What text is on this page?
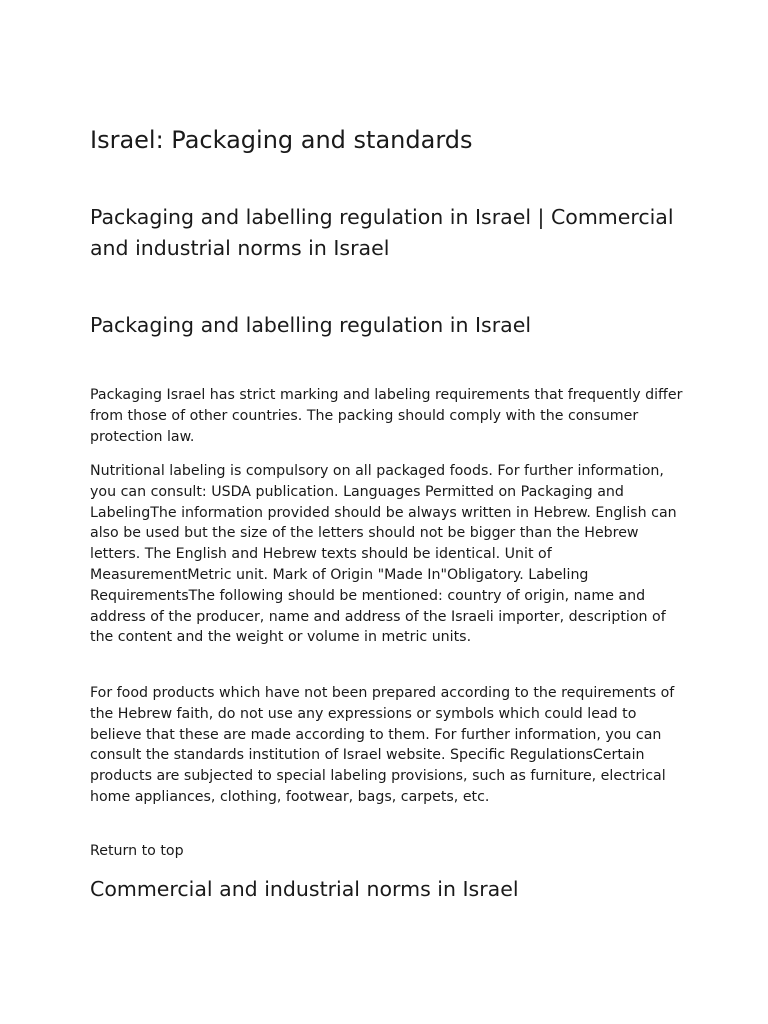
Israel: Packaging and standards
Packaging and labelling regulation in Israel | Commercial and industrial norms in Israel
Packaging and labelling regulation in Israel

Packaging Israel has strict marking and labeling requirements that frequently differ from those of other countries. The packing should comply with the consumer protection law.

Nutritional labeling is compulsory on all packaged foods. For further information, you can consult: USDA publication. Languages Permitted on Packaging and LabelingThe information provided should be always written in Hebrew. English can also be used but the size of the letters should not be bigger than the Hebrew letters. The English and Hebrew texts should be identical. Unit of MeasurementMetric unit. Mark of Origin "Made In"Obligatory. Labeling RequirementsThe following should be mentioned: country of origin, name and address of the producer, name and address of the Israeli importer, description of the content and the weight or volume in metric units.

For food products which have not been prepared according to the requirements of the Hebrew faith, do not use any expressions or symbols which could lead to believe that these are made according to them. For further information, you can consult the standards institution of Israel website. Specific RegulationsCertain products are subjected to special labeling provisions, such as furniture, electrical home appliances, clothing, footwear, bags, carpets, etc.

Return to top
Commercial and industrial norms in Israel
